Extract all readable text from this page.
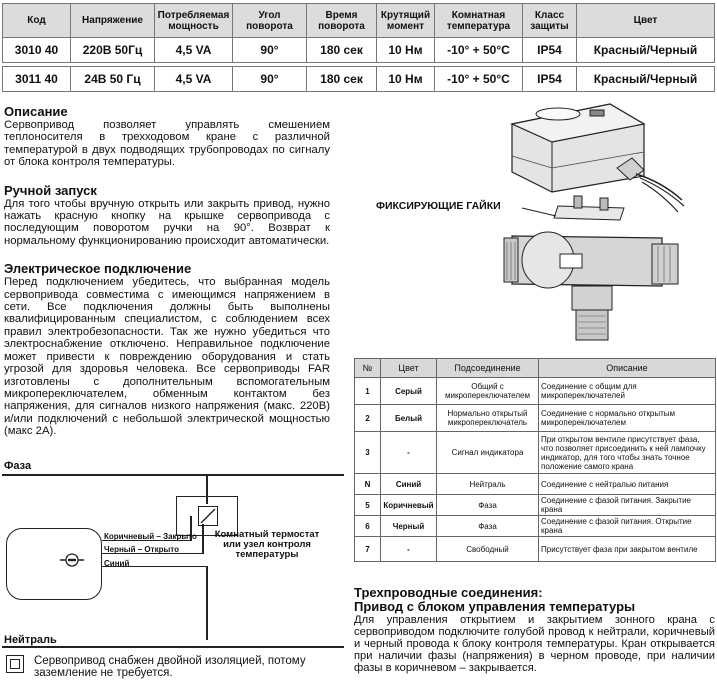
Код	Напряжение	Потребляемая мощность	Угол поворота	Время поворота	Крутящий момент	Комнатная температура	Класс защиты	Цвет
3010 40	220В 50Гц	4,5 VA	90°	180 сек	10 Нм	-10° + 50°C	IP54	Красный/Черный

3011 40	24В 50 Гц	4,5 VA	90°	180 сек	10 Нм	-10° + 50°C	IP54	Красный/Черный
Описание

Сервопривод позволяет управлять смешением теплоносителя в трехходовом кране с различной температурой в двух подводящих трубопроводах по сигналу от блока контроля температуры.

Ручной запуск

Для того чтобы вручную открыть или закрыть привод, нужно нажать красную кнопку на крышке сервопривода с последующим поворотом ручки на 90°. Возврат к нормальному функционированию происходит автоматически.

Электрическое подключение

Перед подключением убедитесь, что выбранная модель сервопривода совместима с имеющимся напряжением в сети. Все подключения должны быть выполнены квалифицированным специалистом, с соблюдением всех правил электробезопасности. Так же нужно убедиться что электроснабжение отключено. Неправильное подключение может привести к повреждению оборудования и стать угрозой для здоровья человека. Все сервоприводы FAR изготовлены с дополнительным вспомогательным микропереключателем, обменным контактом без напряжения, для сигналов низкого напряжения (макс. 220В) и/или подключений с небольшой электрической мощностью (макс 2А).

ФИКСИРУЮЩИЕ ГАЙКИ
№	Цвет	Подсоединение	Описание
1	Серый	Общий с микропереключателем	Соединение с общим для микропереключателей
2	Белый	Нормально открытый микропереключатель	Соединение с нормально открытым микропереключателем
3	-	Сигнал индикатора	При открытом вентиле присутствует фаза, что позволяет присоединить к ней лампочку индикатор, для того чтобы знать точное положение самого крана
N	Синий	Нейтраль	Соединение с нейтралью питания
5	Коричневый	Фаза	Соединение с фазой питания. Закрытие крана
6	Черный	Фаза	Соединение с фазой питания. Открытие крана
7	-	Свободный	Присутствует фаза при закрытом вентиле
Фаза
Комнатный термостат или узел контроля температуры
Коричневый – Закрыто
Черный – Открыто
Синий
Нейтраль
Сервопривод снабжен двойной изоляцией, потому заземление не требуется.
Трехпроводные соединения:
Привод с блоком управления температуры

Для управления открытием и закрытием зонного крана с сервоприводом подключите голубой провод к нейтрали, коричневый и черный провода к блоку контроля температуры. Кран открывается при наличии фазы (напряжения) в черном проводе, при наличии фазы в коричневом – закрывается.
